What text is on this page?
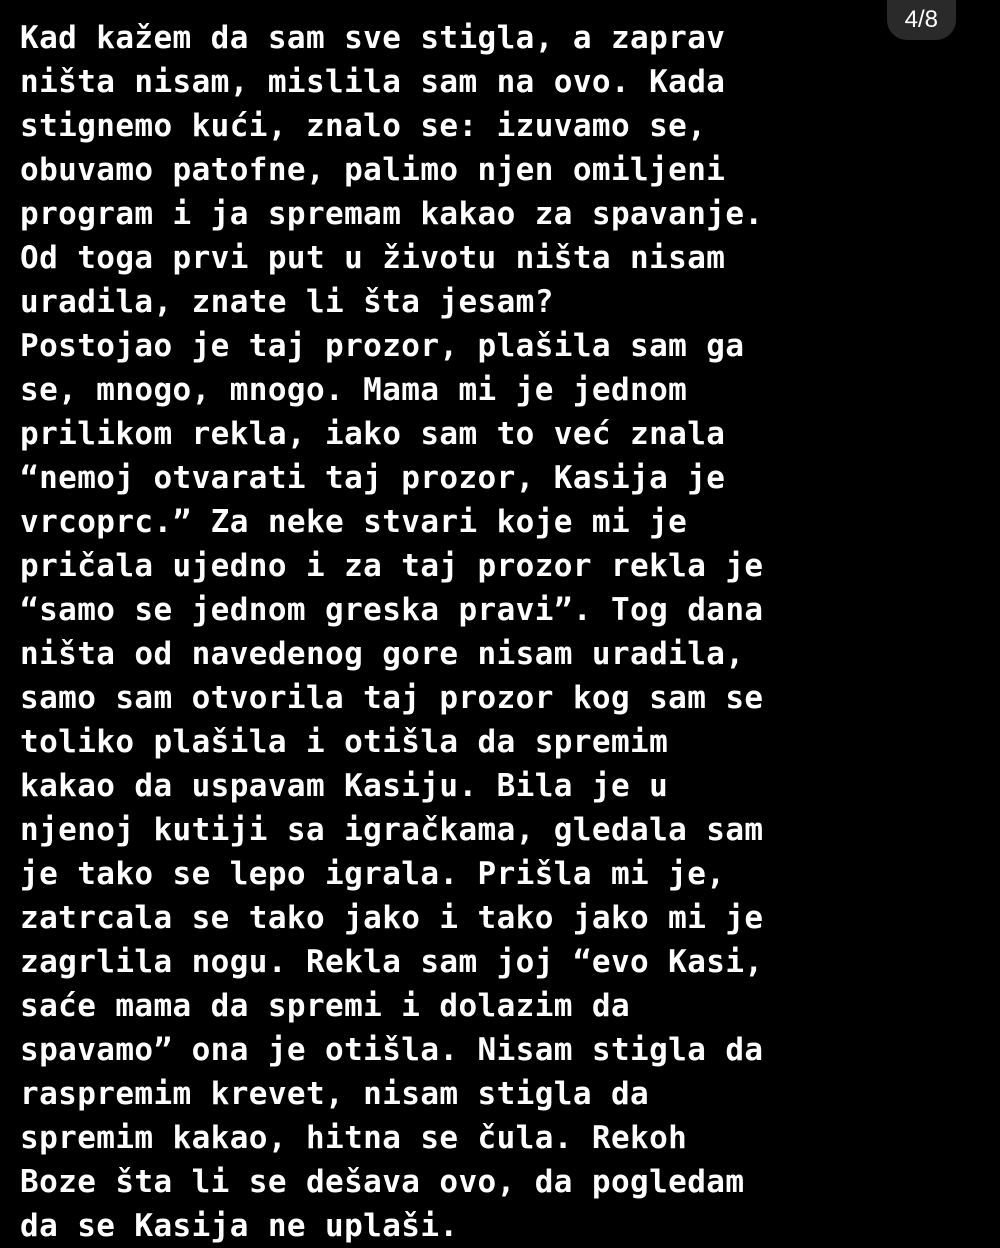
4/8
Kad kažem da sam sve stigla, a zaprav
ništa nisam, mislila sam na ovo. Kada
stignemo kući, znalo se: izuvamo se,
obuvamo patofne, palimo njen omiljeni
program i ja spremam kakao za spavanje.
Od toga prvi put u životu ništa nisam
uradila, znate li šta jesam?
Postojao je taj prozor, plašila sam ga
se, mnogo, mnogo. Mama mi je jednom
prilikom rekla, iako sam to već znala
“nemoj otvarati taj prozor, Kasija je
vrcoprc.” Za neke stvari koje mi je
pričala ujedno i za taj prozor rekla je
“samo se jednom greska pravi”. Tog dana
ništa od navedenog gore nisam uradila,
samo sam otvorila taj prozor kog sam se
toliko plašila i otišla da spremim
kakao da uspavam Kasiju. Bila je u
njenoj kutiji sa igračkama, gledala sam
je tako se lepo igrala. Prišla mi je,
zatrcala se tako jako i tako jako mi je
zagrlila nogu. Rekla sam joj “evo Kasi,
saće mama da spremi i dolazim da
spavamo” ona je otišla. Nisam stigla da
raspremim krevet, nisam stigla da
spremim kakao, hitna se čula. Rekoh
Boze šta li se dešava ovo, da pogledam
da se Kasija ne uplaši.
